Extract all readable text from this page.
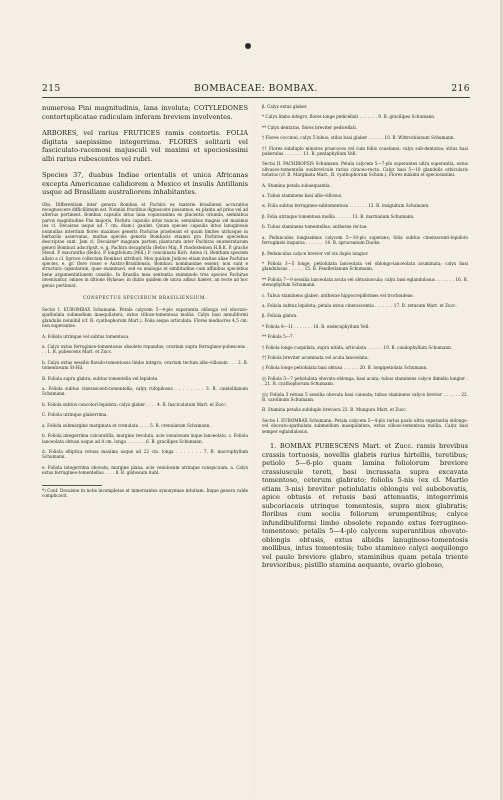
215	BOMBACEAE: BOMBAX.	216

numerosa Pini magnitudinis, lana involuta; COTYLEDONES contortuplicatae radiculam inferam breviem involventes.

ARBORES, vel rarius FRUTICES ramis contortis. FOLIA digitata saepissime integerrima. FLORES solitarii vel fasciculato-racemosi majusculi vel maximi et speciosissimi albi rarius rubescentes vel rubri.

Species 37, duabus Indiae orientalis et unica Africanas excepta Americanae calidiorem a Mexico et insulis Antillanis usque ad Brasiliam australiorem inhabitantes.

Obs. Differentiam inter genera Bombax et Pachira ex materie brasiliensi accuratius recognoscere difficillimum est. Nonnisi fructibus dignoscere possumus, ex planta ad prius vel ad alterius pertinent. Bombax capsulis intus lana copiosissima ex placentis oriunda, seminibus parvis magnitudine Pisi majoris, Pachira capsulis intus nuncis, seminibus magnis vel maximis (ex cl. Decaisne usque ad 7 cm. diam.) gaudet. Quum species capsulis intus lanuginosis nonnullas interdum flores maximos generis Pachirae praebeant et quum limites utriusque in herbariis asservatas, multae species generis Bombacis etiamsi pro Pachirae speciebus descriptae sunt. Jam cl. Decaisne* magnam partem plantarum inter Pachiras enumeratarum generi Bombaci adscripsit, e. g. Pachira decaphylla (Bello) Miq. P. rhodostemon H.B.K. P. gracile Steud. P. macrantha (Bello). P. longifolium (Mill.) P. concinnata Rich. Antea cl. Bentham speciem allato a cl. Spruce collectam Bombaci attribuit. Mox quidam Judices etiam multae aliae Pachirae species, e. gr. flore roseo e Austro-Brasiliensis, Bombaci nominandae essent; non sunt e structura capsularum, quae examinavi, sed ex analogia et similitudine cum affinibus speciebus bene argumentationem consilio. In Brasilia mea sententia enimmodo tres species Pachirae inveniuntur, omnes in ditione Hylaeae; in dubio quidem de unica adhuc haeret, an recte ad hoc genus pertineat.

CONSPECTUS SPECIERUM BRASILIENSIUM.

Sectio I. EUBOMBAX Schumann. Petala calycem 5—4-plo superantia oblonga vel obovato-spathulata submedium inaequilatera, extus villoso-tomentosa mollia. Calyx basi annuliformi glandulis nonnihil (cf. B. cyathophorum Mart.). Folia seque articulata. Flores mediocres 4,5 cm. non superantes.

A. Foliola utrinque vel subtus tomentosa.

a. Calyx extus ferrugineo-tomentosus obsolete repandus; ovarium supra ferrugineo-pubescens . . . 1. B. pubescens Mart. et Zucc.

b. Calyx extus sessilis flavido-tomentosus limbo integro; ovarium tectum albo-villosum . . . 2. B. tomentosum St-Hil.

B. Foliola supra glabra, subtus tomentella vel lepidota.

a. Foliola subtus cinerascenti-tomentella; calyx rufopilosus . . . . . . . . 3. B. candollianum Schumann.

b. Foliola subtus concolori lepidota; calyx glaber . . . . 4. B. fasciculatum Mart. et Zucc.

C. Foliola utrinque glaberrima.

a. Foliola submargine marginata et crenulata . . . . 5. B. crenulatum Schumann.

b. Foliola integerrima calcaratilla, margine revoluta, acie venulosum inque lanceolato. c. Foliola lanceolata obtusa usque ad 8 cm. longa . . . . . . . 6. B. gracilipes Schumann.

d. Foliola elliptica retusa maxima usque ad 22 cm. longa . . . . . . . 7. B. macrophyllum Schumann.

e. Foliola integerrima obovata, margine plana, acie venulosum utrinque conspicuum. a. Calyx extus ferrugineo-tomentellus . . . . 8. B. globosum Aubl.

*) Conf. Decaisne in notis incompletas et inmersantes synonymiae intuitam. Inque genera valde complicavit.

β. Calyx extus glaber.

* Calyx limbo integro, flores longe pedicellati . . . . . . . 9. B. gracilipes Schumann.

** Calyx dentatus, flores breviter pedicellati.

† Flores coccinei; calyx 5-lobus; stilus basi glaber . . . . . . 10. B. Wittrockianum Schumann.

†† Flores subduplo minores praecoces vel cum foliis coaetanei; calyx sub-dentatus; stilus basi puberulus . . . . . . . 11. B. pentaphyllum Vell.

Sectio II. PACHIROPSIS Schumann. Petala calycem 5—7-plo superantes ultra superantia, extus olivaceo-tomentella suubrevicule rarius ciraceo-recta. Calyx basi 5—10 glandulis orbicularis notatus (cf. B. Marginata Mart., B. cyathophorum Schum.). Flores maximi et speciosissimi.

A. Stamina petala subaequantia.

a. Tubus staminens basi albo-villosus.

α. Folia subtus ferrugineo-subtomentosa . . . . . . . 12. B. insignitum Schumann.

β. Folia utrinque tomentosa mollia . . . . . . 13. B. martianum Schumann.

b. Tubus staminens tomentellus; antherae rectae.

a. Pedunculus longissimus calycem 5—10-plo superans; folia subtus cinerascenti-lepidoto ferrugineis insparsa . . . . . . . 14. B. spruceanum Ducke.

β. Pedunculus calyce brevior vel vix duplo longior.

* Foliola 3—5 longe; petiolulata lanceolata vel oblongo-lanceolata acuminata; calyx basi glandulosus . . . . . . 15. B. Fendlerianum Schumann.

** Foliola 7—9 sessilia lanceolata acuta vel obtusiuscula; calyx basi eglandulosus . . . . . . . 16. B. stenophyllum Schumann.

c. Tubus staminens glaber; antherae hippocrepiformes vel trochoideae.

a. Foliola subtus lepidota; petala extus cinerascentia . . . . . . . 17. B. retusum Mart. et Zucc.

β. Foliola glabra.

* Foliola 8—11 . . . . . . . 18. B. endecaphyllum Vell.

** Foliola 5—7.

† Foliola longe cuspidata, supra nitida, articulata . . . . . . 19. B. caudophyllum Schumann.

†† Foliola breviter acuminata vel acuta lanceolata.

◊ Foliola longe petiolulata basi obtusa . . . . . . 20. B. longipetiolata Schumann.

◊◊ Foliola 5—7 petiolulata obovato-oblonga, basi acuta; tubus staminens calyce dimidio longior . . 21. B. cyathophorum Schumann.

◊◊◊ Foliola 3 retusa 5 sessilia obovata basi cuneata; tubus staminens calyce brevior . . . . . . 22. B. carolinum Schumann.

B. Stamina petalis subduplo breviora 23. B. Mungura Mart. et Zucc.

Sectio I. EUBOMBAX Schumann. Petala calycem 5—4-plo rarius paulo ultra superantia oblongo- vel obovato-spathulata submedium inaequilatera, extus villoso-tomentosa mollia. Calyx basi semper eglandulosus.

1. BOMBAX PUBESCENS Mart. et Zucc. ramis brevibus crassis tortuosis, novellis glabris rarius hirtellis, teretibus; petiolo 5—6-plo quam lamina foliolorum breviore crassiuscule tereti, basi incrassata supra excavata tomentoso, ceterum glabrato; foliolis 5-nis (ex cl. Martio etiam 3-nis) breviter petiolulatis oblongis vel subobovatis, apice obtusis et retusis basi attenuatis, integerrimis subcoriaceis utrinque tomentosis, supra mox glabratis; floribus cum sociis foliorum erumpentibus; calyce infundibuliformi limbo obsolete repando extus ferrugineo-tomentoso; petalis 5—4-plo calycem superantibus obovato-oblongis obtusis, extus albidis lanuginoso-tomentosis mollibus, intus tomentosis; tubo stamineo calyci aequilongo vel paulo breviore glabro, staminibus quam petala triente brevioribus; pistillo stamina aequante, ovario globoso,
